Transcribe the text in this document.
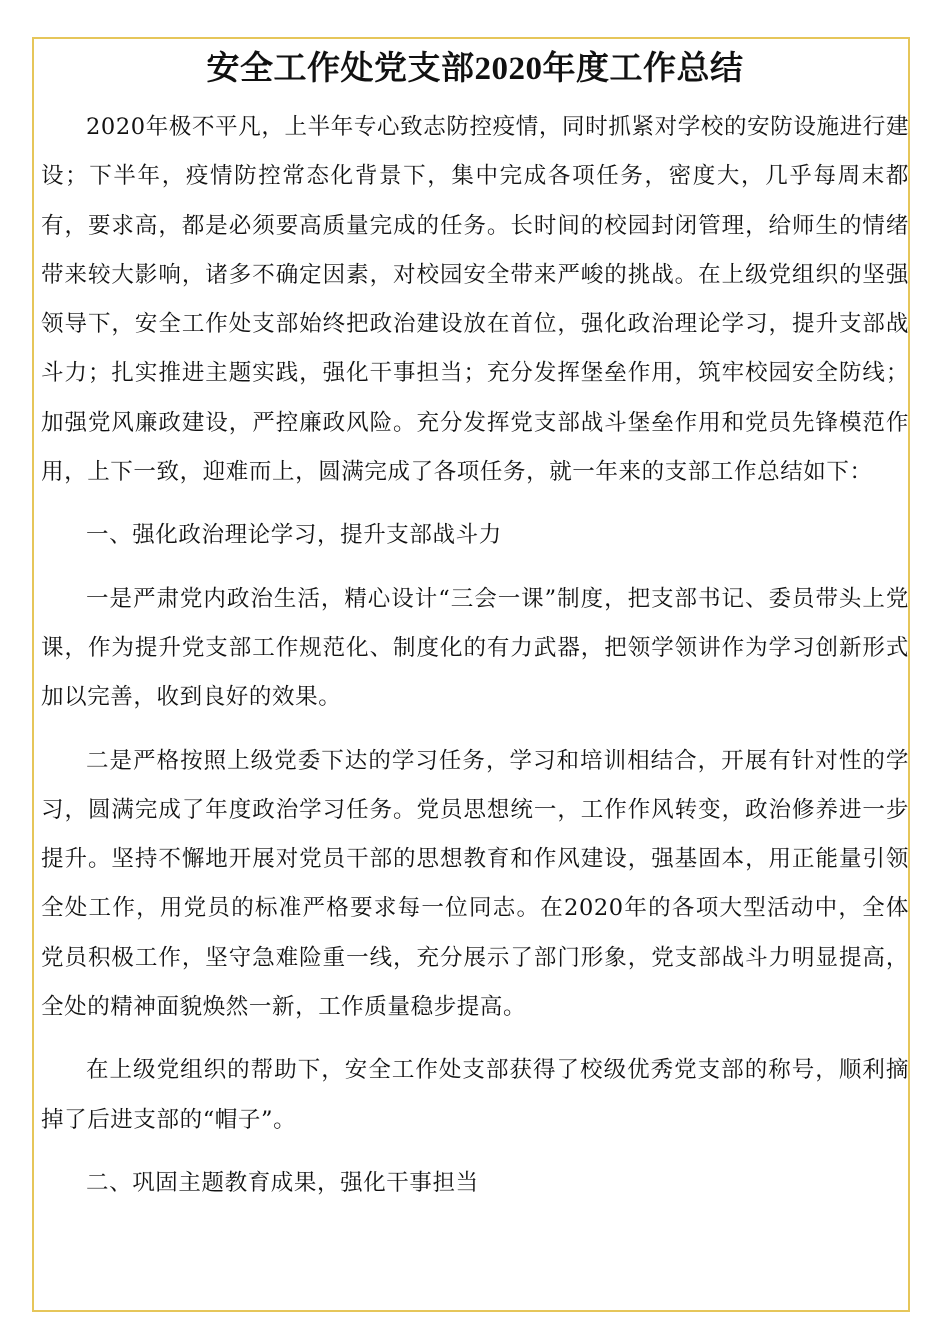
安全工作处党支部2020年度工作总结

2020年极不平凡，上半年专心致志防控疫情，同时抓紧对学校的安防设施进行建设；下半年，疫情防控常态化背景下，集中完成各项任务，密度大，几乎每周末都有，要求高，都是必须要高质量完成的任务。长时间的校园封闭管理，给师生的情绪带来较大影响，诸多不确定因素，对校园安全带来严峻的挑战。在上级党组织的坚强领导下，安全工作处支部始终把政治建设放在首位，强化政治理论学习，提升支部战斗力；扎实推进主题实践，强化干事担当；充分发挥堡垒作用，筑牢校园安全防线；加强党风廉政建设，严控廉政风险。充分发挥党支部战斗堡垒作用和党员先锋模范作用，上下一致，迎难而上，圆满完成了各项任务，就一年来的支部工作总结如下：

一、强化政治理论学习，提升支部战斗力

一是严肃党内政治生活，精心设计“三会一课”制度，把支部书记、委员带头上党课，作为提升党支部工作规范化、制度化的有力武器，把领学领讲作为学习创新形式加以完善，收到良好的效果。

二是严格按照上级党委下达的学习任务，学习和培训相结合，开展有针对性的学习，圆满完成了年度政治学习任务。党员思想统一，工作作风转变，政治修养进一步提升。坚持不懈地开展对党员干部的思想教育和作风建设，强基固本，用正能量引领全处工作，用党员的标准严格要求每一位同志。在2020年的各项大型活动中，全体党员积极工作，坚守急难险重一线，充分展示了部门形象，党支部战斗力明显提高，全处的精神面貌焕然一新，工作质量稳步提高。

在上级党组织的帮助下，安全工作处支部获得了校级优秀党支部的称号，顺利摘掉了后进支部的“帽子”。

二、巩固主题教育成果，强化干事担当
